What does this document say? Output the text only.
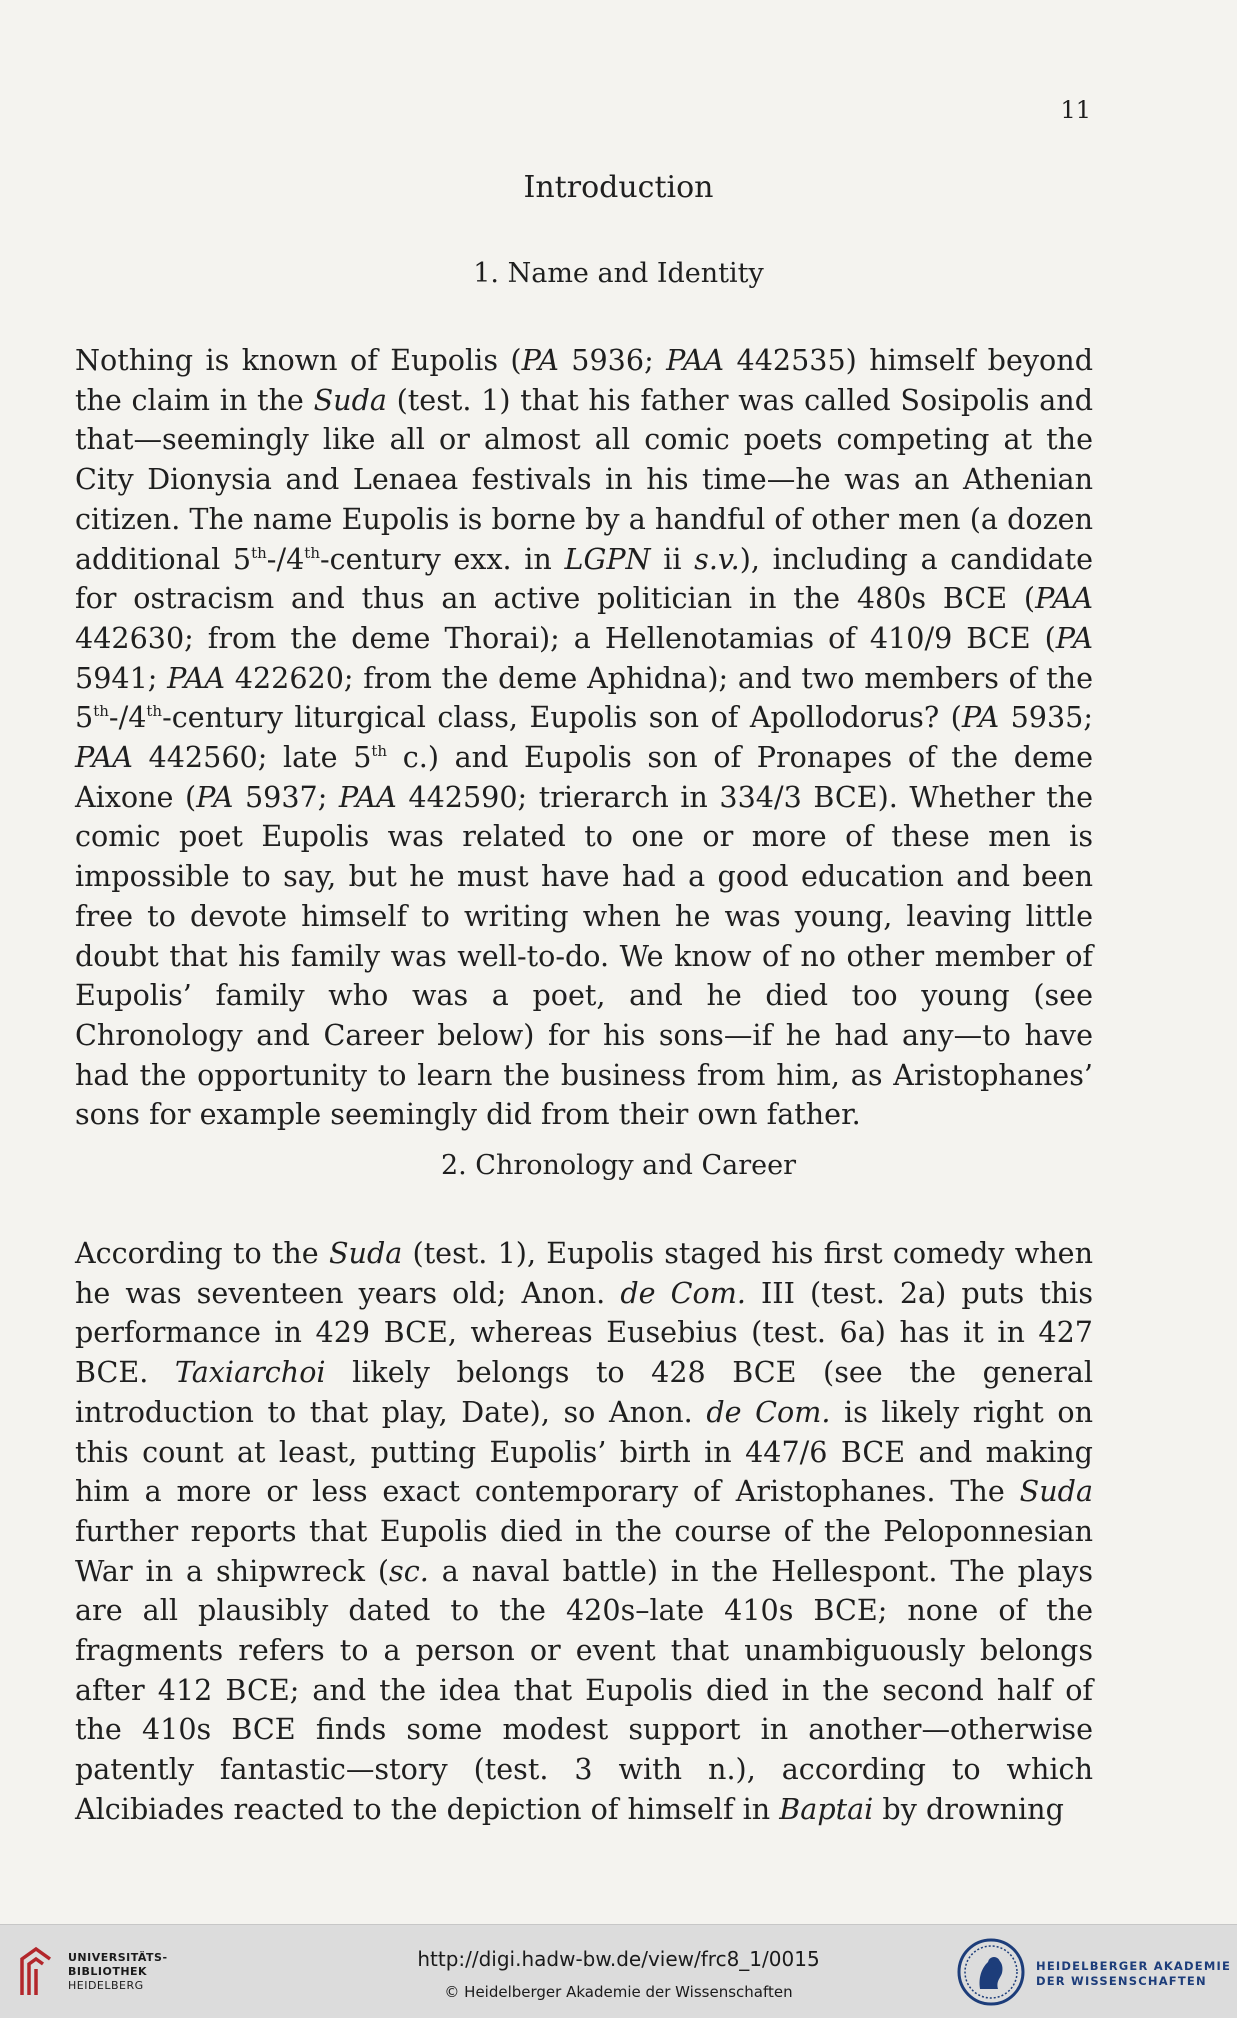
11
Introduction
1. Name and Identity
Nothing is known of Eupolis (PA 5936; PAA 442535) himself beyond the claim in the Suda (test. 1) that his father was called Sosipolis and that—seemingly like all or almost all comic poets competing at the City Dionysia and Lenaea festivals in his time—he was an Athenian citizen. The name Eupolis is borne by a handful of other men (a dozen additional 5th-/4th-century exx. in LGPN ii s.v.), including a candidate for ostracism and thus an active politician in the 480s BCE (PAA 442630; from the deme Thorai); a Hellenotamias of 410/9 BCE (PA 5941; PAA 422620; from the deme Aphidna); and two members of the 5th-/4th-century liturgical class, Eupolis son of Apollodorus? (PA 5935; PAA 442560; late 5th c.) and Eupolis son of Pronapes of the deme Aixone (PA 5937; PAA 442590; trierarch in 334/3 BCE). Whether the comic poet Eupolis was related to one or more of these men is impossible to say, but he must have had a good education and been free to devote himself to writing when he was young, leaving little doubt that his family was well-to-do. We know of no other member of Eupolis’ family who was a poet, and he died too young (see Chronology and Career below) for his sons—if he had any—to have had the opportunity to learn the business from him, as Aristophanes’ sons for example seemingly did from their own father.
2. Chronology and Career
According to the Suda (test. 1), Eupolis staged his first comedy when he was seventeen years old; Anon. de Com. III (test. 2a) puts this performance in 429 BCE, whereas Eusebius (test. 6a) has it in 427 BCE. Taxiarchoi likely belongs to 428 BCE (see the general introduction to that play, Date), so Anon. de Com. is likely right on this count at least, putting Eupolis’ birth in 447/6 BCE and making him a more or less exact contemporary of Aristophanes. The Suda further reports that Eupolis died in the course of the Peloponnesian War in a shipwreck (sc. a naval battle) in the Hellespont. The plays are all plausibly dated to the 420s–late 410s BCE; none of the fragments refers to a person or event that unambiguously belongs after 412 BCE; and the idea that Eupolis died in the second half of the 410s BCE finds some modest support in another—otherwise patently fantastic—story (test. 3 with n.), according to which Alcibiades reacted to the depiction of himself in Baptai by drowning
UNIVERSITÄTS-
BIBLIOTHEK
HEIDELBERG
http://digi.hadw-bw.de/view/frc8_1/0015
© Heidelberger Akademie der Wissenschaften
HEIDELBERGER AKADEMIE
DER WISSENSCHAFTEN
